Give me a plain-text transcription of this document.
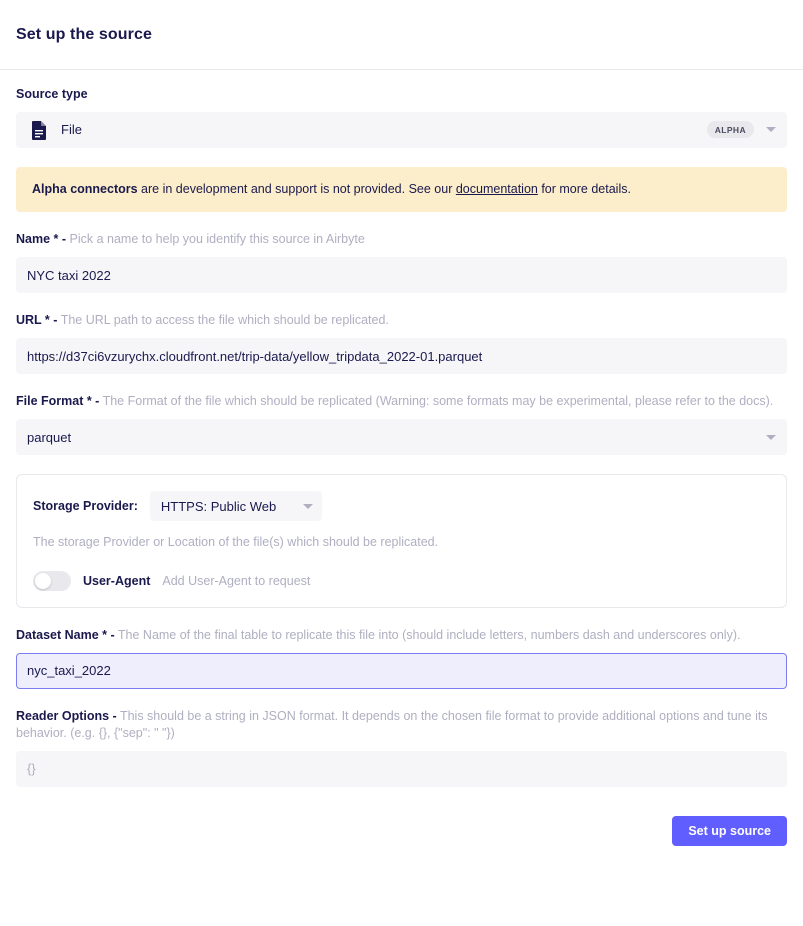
Set up the source
Source type
File	ALPHA
Alpha connectors are in development and support is not provided. See our documentation for more details.
Name * - Pick a name to help you identify this source in Airbyte
NYC taxi 2022
URL * - The URL path to access the file which should be replicated.
https://d37ci6vzurychx.cloudfront.net/trip-data/yellow_tripdata_2022-01.parquet
File Format * - The Format of the file which should be replicated (Warning: some formats may be experimental, please refer to the docs).
parquet
Storage Provider: HTTPS: Public Web
The storage Provider or Location of the file(s) which should be replicated.
User-Agent Add User-Agent to request
Dataset Name * - The Name of the final table to replicate this file into (should include letters, numbers dash and underscores only).
nyc_taxi_2022
Reader Options - This should be a string in JSON format. It depends on the chosen file format to provide additional options and tune its behavior. (e.g. {}, {"sep": " "})
{}
Set up source
